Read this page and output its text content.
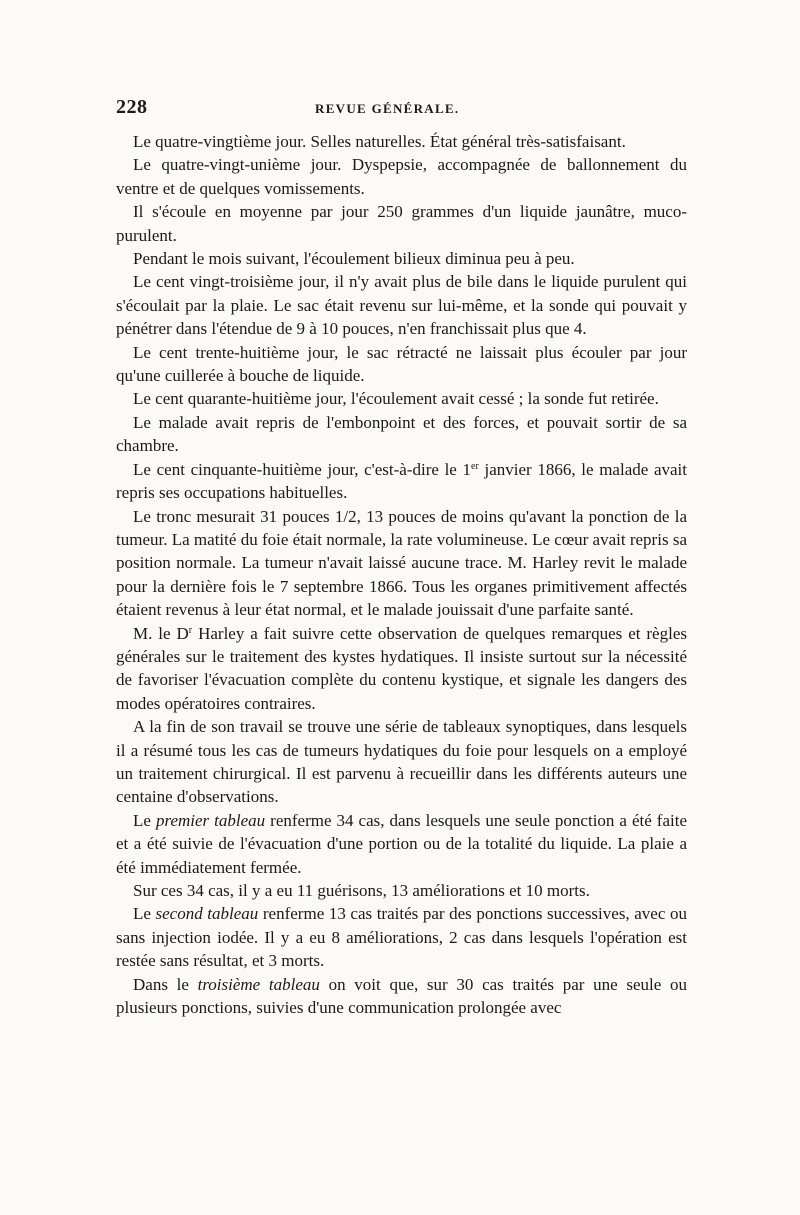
228	REVUE GÉNÉRALE.

Le quatre-vingtième jour. Selles naturelles. État général très-satisfaisant.

Le quatre-vingt-unième jour. Dyspepsie, accompagnée de ballonnement du ventre et de quelques vomissements.

Il s'écoule en moyenne par jour 250 grammes d'un liquide jaunâtre, muco-purulent.

Pendant le mois suivant, l'écoulement bilieux diminua peu à peu.

Le cent vingt-troisième jour, il n'y avait plus de bile dans le liquide purulent qui s'écoulait par la plaie. Le sac était revenu sur lui-même, et la sonde qui pouvait y pénétrer dans l'étendue de 9 à 10 pouces, n'en franchissait plus que 4.

Le cent trente-huitième jour, le sac rétracté ne laissait plus écouler par jour qu'une cuillerée à bouche de liquide.

Le cent quarante-huitième jour, l'écoulement avait cessé ; la sonde fut retirée.

Le malade avait repris de l'embonpoint et des forces, et pouvait sortir de sa chambre.

Le cent cinquante-huitième jour, c'est-à-dire le 1er janvier 1866, le malade avait repris ses occupations habituelles.

Le tronc mesurait 31 pouces 1/2, 13 pouces de moins qu'avant la ponction de la tumeur. La matité du foie était normale, la rate volumineuse. Le cœur avait repris sa position normale. La tumeur n'avait laissé aucune trace. M. Harley revit le malade pour la dernière fois le 7 septembre 1866. Tous les organes primitivement affectés étaient revenus à leur état normal, et le malade jouissait d'une parfaite santé.

M. le $D^r$ Harley a fait suivre cette observation de quelques remarques et règles générales sur le traitement des kystes hydatiques. Il insiste surtout sur la nécessité de favoriser l'évacuation complète du contenu kystique, et signale les dangers des modes opératoires contraires.

A la fin de son travail se trouve une série de tableaux synoptiques, dans lesquels il a résumé tous les cas de tumeurs hydatiques du foie pour lesquels on a employé un traitement chirurgical. Il est parvenu à recueillir dans les différents auteurs une centaine d'observations.

Le premier tableau renferme 34 cas, dans lesquels une seule ponction a été faite et a été suivie de l'évacuation d'une portion ou de la totalité du liquide. La plaie a été immédiatement fermée.

Sur ces 34 cas, il y a eu 11 guérisons, 13 améliorations et 10 morts.

Le second tableau renferme 13 cas traités par des ponctions successives, avec ou sans injection iodée. Il y a eu 8 améliorations, 2 cas dans lesquels l'opération est restée sans résultat, et 3 morts.

Dans le troisième tableau on voit que, sur 30 cas traités par une seule ou plusieurs ponctions, suivies d'une communication prolongée avec
